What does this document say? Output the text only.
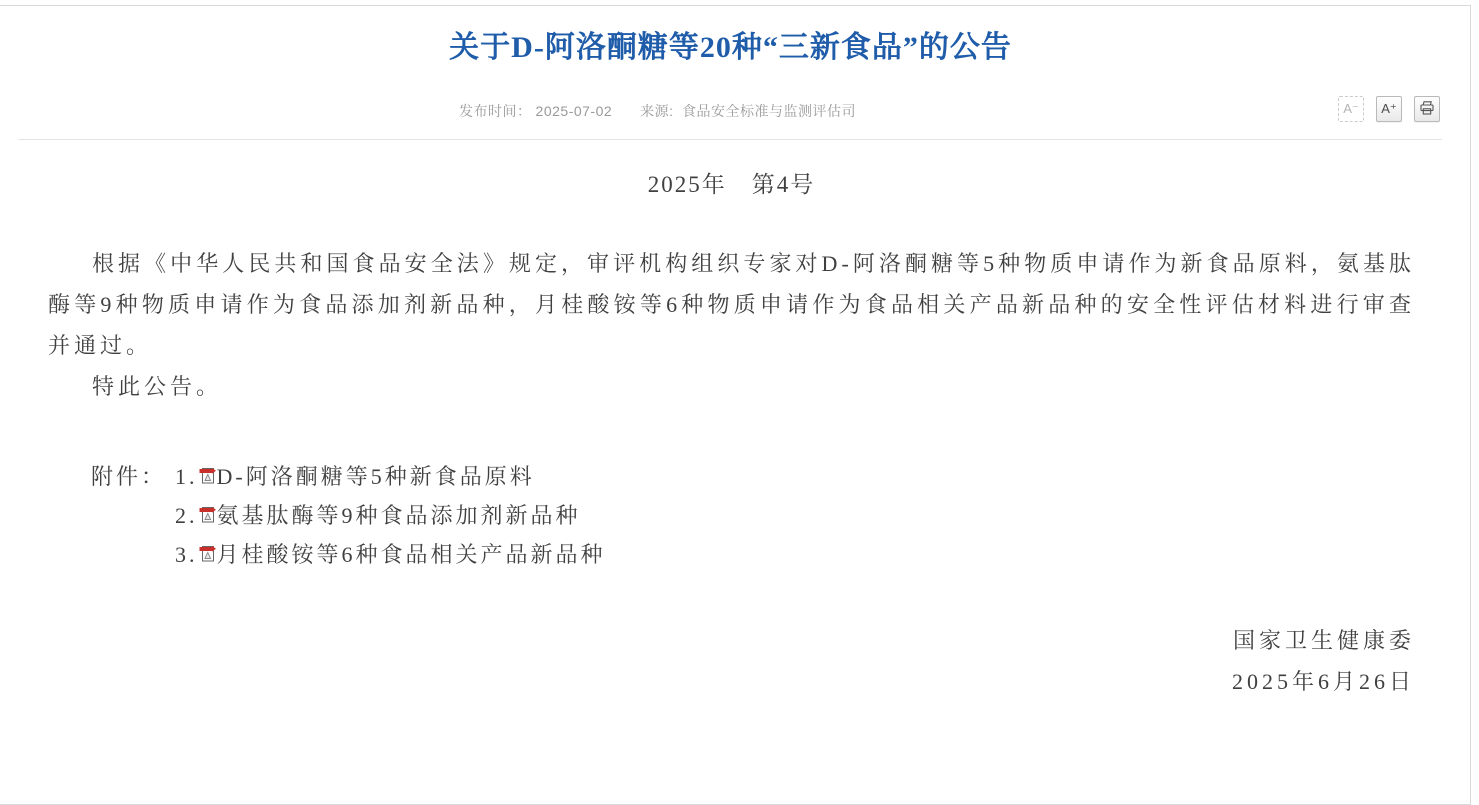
关于D-阿洛酮糖等20种“三新食品”的公告
发布时间： 2025-07-02 来源: 食品安全标准与监测评估司	A⁻ A⁺
2025年　第4号

根据《中华人民共和国食品安全法》规定，审评机构组织专家对D-阿洛酮糖等5种物质申请作为新食品原料，氨基肽酶等9种物质申请作为食品添加剂新品种，月桂酸铵等6种物质申请作为食品相关产品新品种的安全性评估材料进行审查并通过。

特此公告。

附件： 1. D-阿洛酮糖等5种新食品原料
2. 氨基肽酶等9种食品添加剂新品种
3. 月桂酸铵等6种食品相关产品新品种
国家卫生健康委
2025年6月26日
